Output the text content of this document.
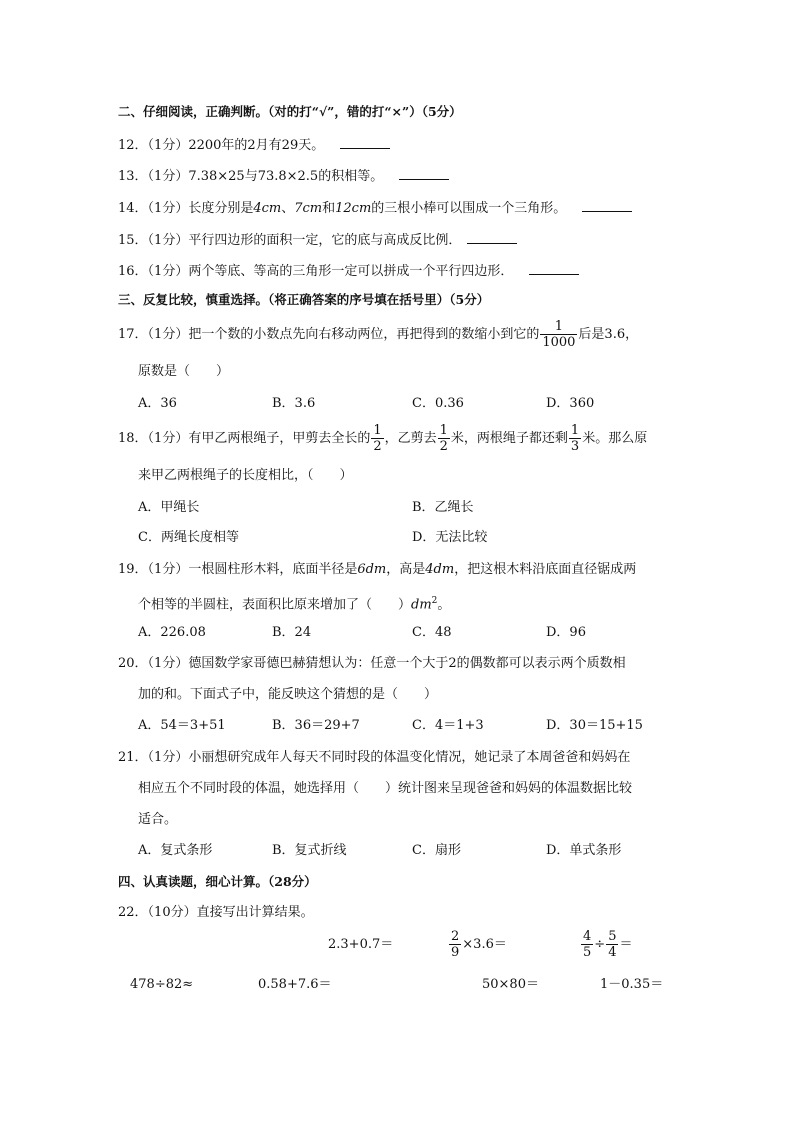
二、仔细阅读，正确判断。（对的打“√”，错的打“×”）（5分）
12．（1分）2200年的2月有29天。
13．（1分）7.38×25与73.8×2.5的积相等。
14．（1分）长度分别是4cm、7cm和12cm的三根小棒可以围成一个三角形。
15．（1分）平行四边形的面积一定，它的底与高成反比例．
16．（1分）两个等底、等高的三角形一定可以拼成一个平行四边形．
三、反复比较，慎重选择。（将正确答案的序号填在括号里）（5分）
17．（1分）把一个数的小数点先向右移动两位，再把得到的数缩小到它的 $\frac{1}{1000}$ 后是3.6，
原数是（　　）
A．36	B．3.6	C．0.36	D．360
18．（1分）有甲乙两根绳子，甲剪去全长的 $\frac{1}{2}$ ，乙剪去 $\frac{1}{2}$ 米，两根绳子都还剩 $\frac{1}{3}$ 米。那么原
来甲乙两根绳子的长度相比，（　　）
A．甲绳长	B．乙绳长
C．两绳长度相等	D．无法比较
19．（1分）一根圆柱形木料，底面半径是6dm，高是4dm，把这根木料沿底面直径锯成两
个相等的半圆柱，表面积比原来增加了（　　）$dm^2$。
A．226.08	B．24	C．48	D．96
20．（1分）德国数学家哥德巴赫猜想认为：任意一个大于2的偶数都可以表示两个质数相
加的和。下面式子中，能反映这个猜想的是（　　）
A．54＝3+51	B．36＝29+7	C．4＝1+3	D．30＝15+15
21．（1分）小丽想研究成年人每天不同时段的体温变化情况，她记录了本周爸爸和妈妈在
相应五个不同时段的体温，她选择用（　　）统计图来呈现爸爸和妈妈的体温数据比较
适合。
A．复式条形	B．复式折线	C．扇形	D．单式条形
四、认真读题，细心计算。（28分）
22．（10分）直接写出计算结果。
2.3+0.7＝	$\frac{2}{9} \times 3.6=$	$\frac{4}{5} \div \frac{5}{4}$ ＝
478÷82≈	0.58+7.6＝	50×80＝	1－0.35＝
